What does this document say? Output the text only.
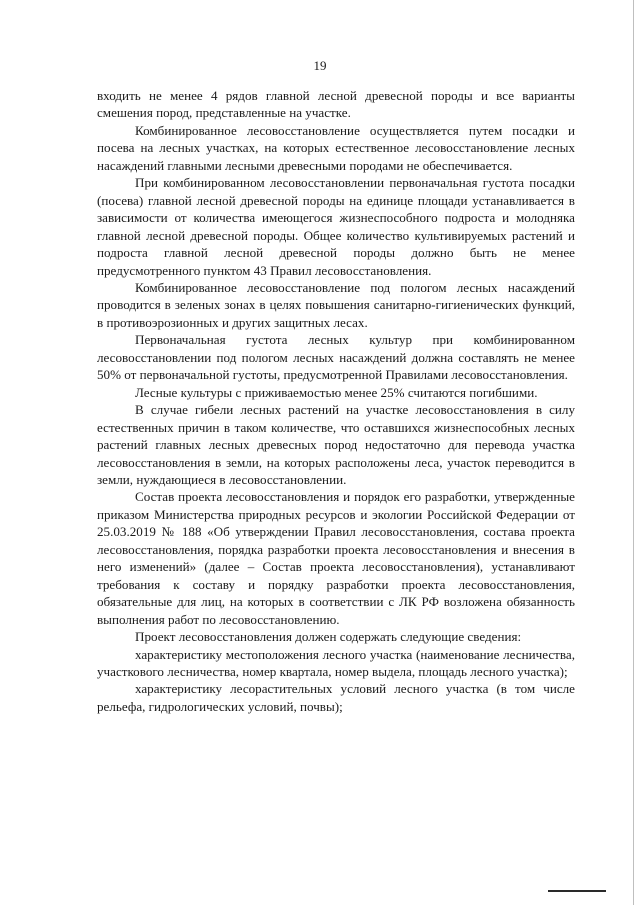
19

входить не менее 4 рядов главной лесной древесной породы и все варианты смешения пород, представленные на участке.

Комбинированное лесовосстановление осуществляется путем посадки и посева на лесных участках, на которых естественное лесовосстановление лесных насаждений главными лесными древесными породами не обеспечивается.

При комбинированном лесовосстановлении первоначальная густота посадки (посева) главной лесной древесной породы на единице площади устанавливается в зависимости от количества имеющегося жизнеспособного подроста и молодняка главной лесной древесной породы. Общее количество культивируемых растений и подроста главной лесной древесной породы должно быть не менее предусмотренного пунктом 43 Правил лесовосстановления.

Комбинированное лесовосстановление под пологом лесных насаждений проводится в зеленых зонах в целях повышения санитарно-гигиенических функций, в противоэрозионных и других защитных лесах.

Первоначальная густота лесных культур при комбинированном лесовосстановлении под пологом лесных насаждений должна составлять не менее 50% от первоначальной густоты, предусмотренной Правилами лесовосстановления.

Лесные культуры с приживаемостью менее 25% считаются погибшими.

В случае гибели лесных растений на участке лесовосстановления в силу естественных причин в таком количестве, что оставшихся жизнеспособных лесных растений главных лесных древесных пород недостаточно для перевода участка лесовосстановления в земли, на которых расположены леса, участок переводится в земли, нуждающиеся в лесовосстановлении.

Состав проекта лесовосстановления и порядок его разработки, утвержденные приказом Министерства природных ресурсов и экологии Российской Федерации от 25.03.2019 № 188 «Об утверждении Правил лесовосстановления, состава проекта лесовосстановления, порядка разработки проекта лесовосстановления и внесения в него изменений» (далее – Состав проекта лесовосстановления), устанавливают требования к составу и порядку разработки проекта лесовосстановления, обязательные для лиц, на которых в соответствии с ЛК РФ возложена обязанность выполнения работ по лесовосстановлению.

Проект лесовосстановления должен содержать следующие сведения:

характеристику местоположения лесного участка (наименование лесничества, участкового лесничества, номер квартала, номер выдела, площадь лесного участка);

характеристику лесорастительных условий лесного участка (в том числе рельефа, гидрологических условий, почвы);
